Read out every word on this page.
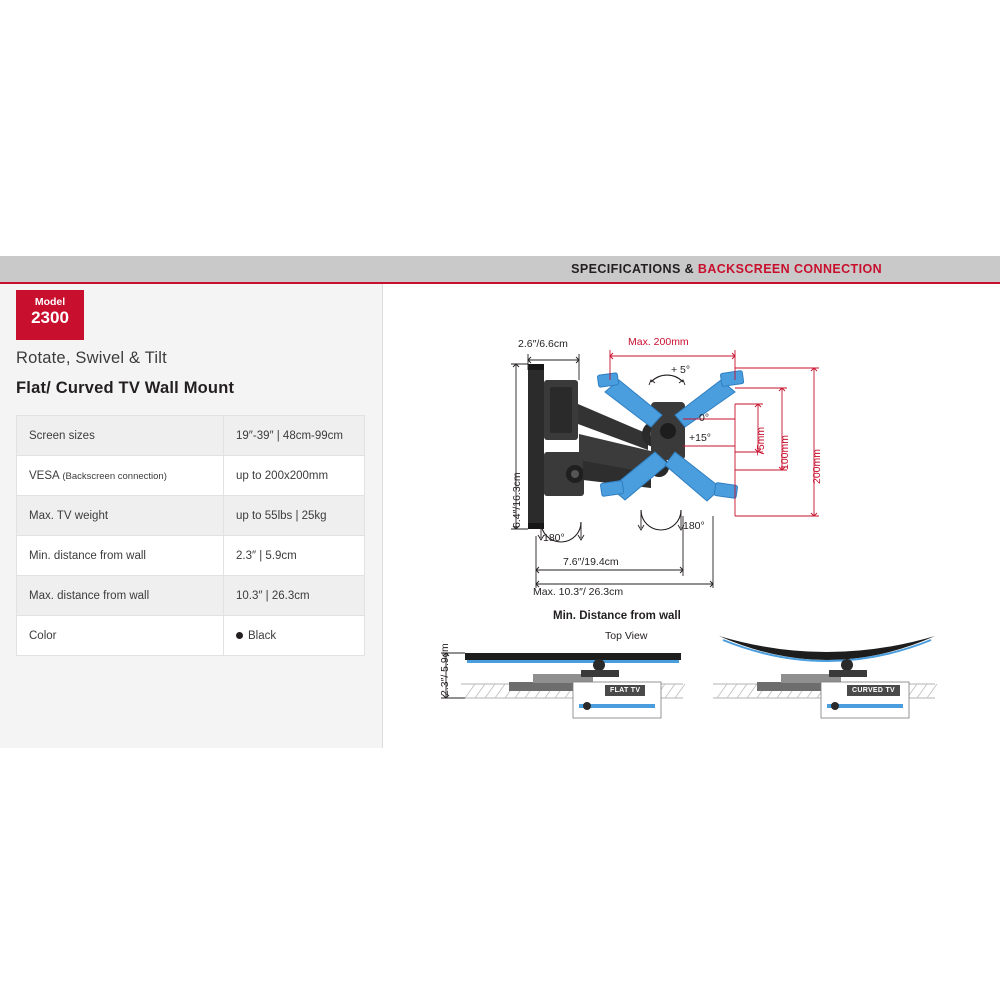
SPECIFICATIONS & BACKSCREEN CONNECTION
Model
2300
Rotate, Swivel & Tilt
Flat/ Curved TV Wall Mount
Screen sizes	19″-39″ | 48cm-99cm
VESA (Backscreen connection)	up to 200x200mm
Max. TV weight	up to 55lbs | 25kg
Min. distance from wall	2.3″ | 5.9cm
Max. distance from wall	10.3″ | 26.3cm
Color	Black
2.6″/6.6cm
6.4″/16.3cm
Max. 200mm
+ 5°
0°
+15°	75mm 100mm 200mm
180°
180°
7.6″/19.4cm
Max. 10.3″/ 26.3cm
Min. Distance from wall
Top View
2.3″/ 5.9cm	FLAT TV	CURVED TV
